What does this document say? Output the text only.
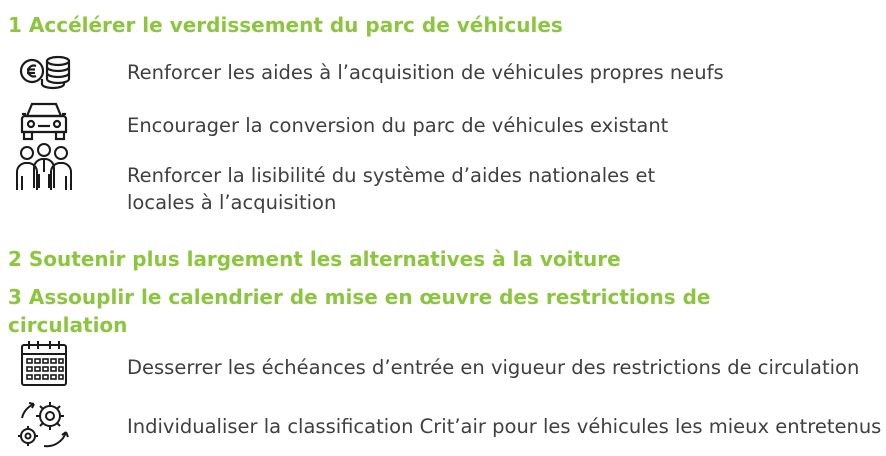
1 Accélérer le verdissement du parc de véhicules
Renforcer les aides à l’acquisition de véhicules propres neufs
Encourager la conversion du parc de véhicules existant
Renforcer la lisibilité du système d’aides nationales et locales à l’acquisition
2 Soutenir plus largement les alternatives à la voiture
3 Assouplir le calendrier de mise en œuvre des restrictions de circulation
Desserrer les échéances d’entrée en vigueur des restrictions de circulation
Individualiser la classification Crit’air pour les véhicules les mieux entretenus
